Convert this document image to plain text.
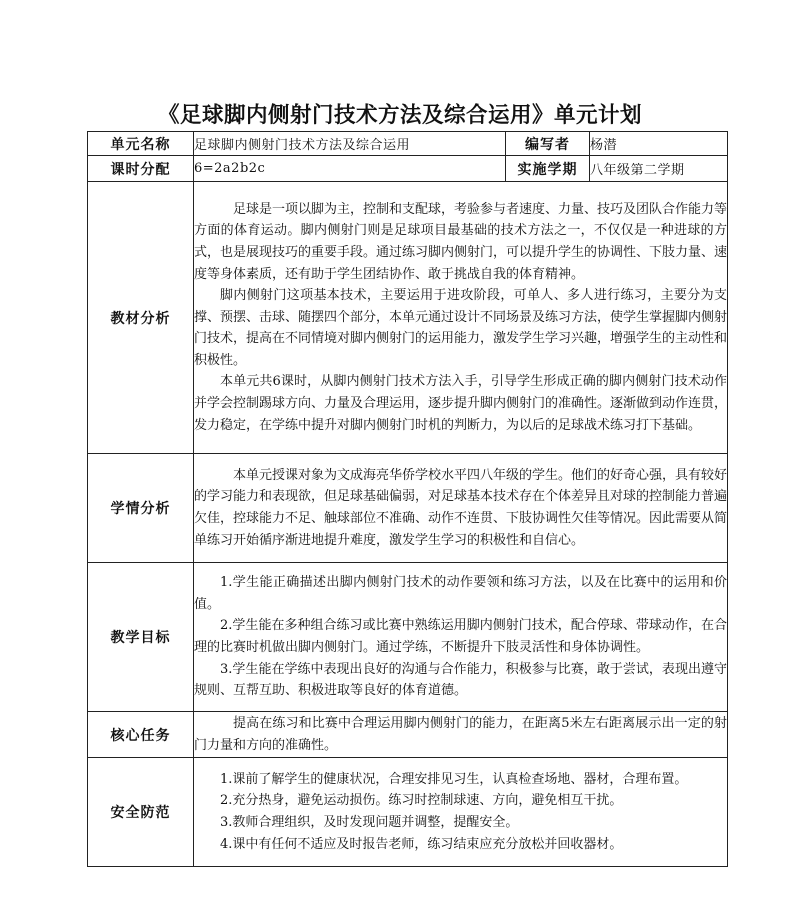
《足球脚内侧射门技术方法及综合运用》单元计划
单元名称	足球脚内侧射门技术方法及综合运用	编写者	杨潜
课时分配	6=2a2b2c	实施学期	八年级第二学期
教材分析	足球是一项以脚为主，控制和支配球，考验参与者速度、力量、技巧及团队合作能力等方面的体育运动。脚内侧射门则是足球项目最基础的技术方法之一，不仅仅是一种进球的方式，也是展现技巧的重要手段。通过练习脚内侧射门，可以提升学生的协调性、下肢力量、速度等身体素质，还有助于学生团结协作、敢于挑战自我的体育精神。

脚内侧射门这项基本技术，主要运用于进攻阶段，可单人、多人进行练习，主要分为支撑、预摆、击球、随摆四个部分，本单元通过设计不同场景及练习方法，使学生掌握脚内侧射门技术，提高在不同情境对脚内侧射门的运用能力，激发学生学习兴趣，增强学生的主动性和积极性。

本单元共6课时，从脚内侧射门技术方法入手，引导学生形成正确的脚内侧射门技术动作并学会控制踢球方向、力量及合理运用，逐步提升脚内侧射门的准确性。逐渐做到动作连贯，发力稳定，在学练中提升对脚内侧射门时机的判断力，为以后的足球战术练习打下基础。		

学情分析	本单元授课对象为文成海亮华侨学校水平四八年级的学生。他们的好奇心强，具有较好的学习能力和表现欲，但足球基础偏弱，对足球基本技术存在个体差异且对球的控制能力普遍欠佳，控球能力不足、触球部位不准确、动作不连贯、下肢协调性欠佳等情况。因此需要从简单练习开始循序渐进地提升难度，激发学生学习的积极性和自信心。		

教学目标	1.学生能正确描述出脚内侧射门技术的动作要领和练习方法，以及在比赛中的运用和价值。

2.学生能在多种组合练习或比赛中熟练运用脚内侧射门技术，配合停球、带球动作，在合理的比赛时机做出脚内侧射门。通过学练，不断提升下肢灵活性和身体协调性。

3.学生能在学练中表现出良好的沟通与合作能力，积极参与比赛，敢于尝试，表现出遵守规则、互帮互助、积极进取等良好的体育道德。		

核心任务	提高在练习和比赛中合理运用脚内侧射门的能力，在距离5米左右距离展示出一定的射门力量和方向的准确性。		

安全防范	1.课前了解学生的健康状况，合理安排见习生，认真检查场地、器材，合理布置。

2.充分热身，避免运动损伤。练习时控制球速、方向，避免相互干扰。

3.教师合理组织，及时发现问题并调整，提醒安全。

4.课中有任何不适应及时报告老师，练习结束应充分放松并回收器材。		
